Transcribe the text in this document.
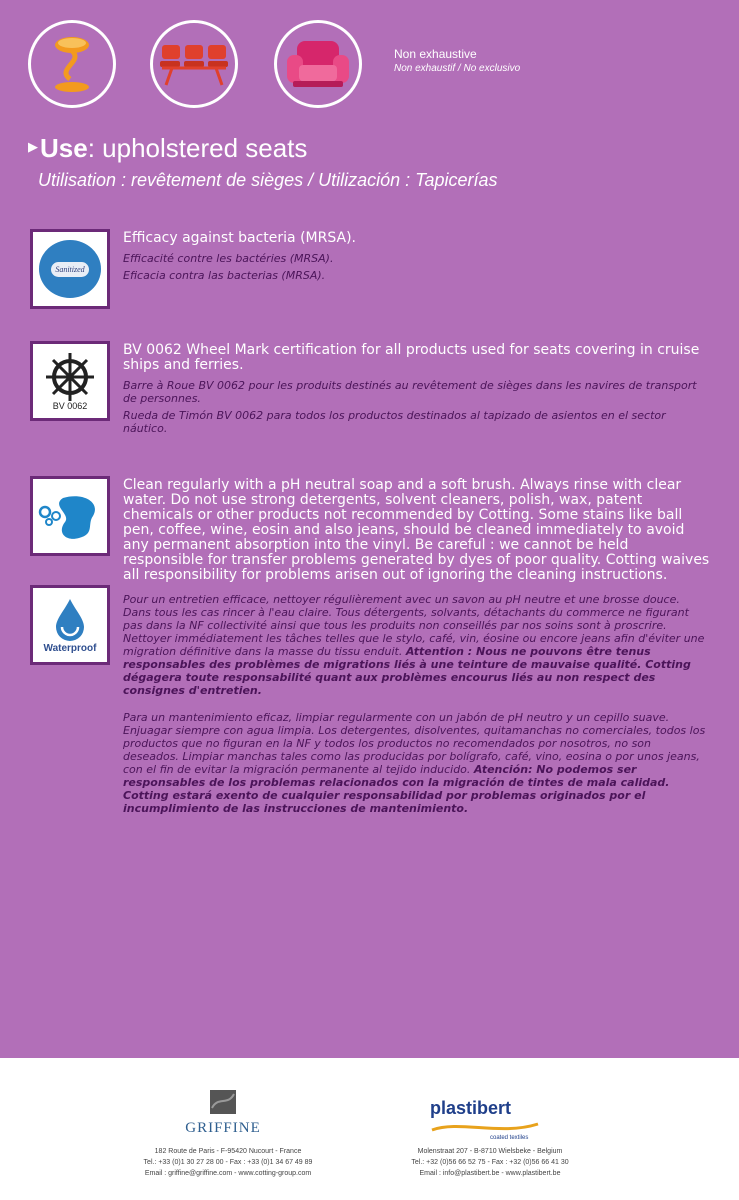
Non exhaustive
Non exhaustif / No exclusivo
▶Use: upholstered seats
Utilisation : revêtement de sièges / Utilización : Tapicerías
Sanitized
Efficacy against bacteria (MRSA).

Efficacité contre les bactéries (MRSA).

Eficacia contra las bacterias (MRSA).

BV 0062
BV 0062 Wheel Mark certification for all products used for seats covering in cruise ships and ferries.

Barre à Roue BV 0062 pour les produits destinés au revêtement de sièges dans les navires de transport de personnes.

Rueda de Timón BV 0062 para todos los productos destinados al tapizado de asientos en el sector náutico.

Waterproof
Clean regularly with a pH neutral soap and a soft brush. Always rinse with clear water. Do not use strong detergents, solvent cleaners, polish, wax, patent chemicals or other products not recommended by Cotting. Some stains like ball pen, coffee, wine, eosin and also jeans, should be cleaned immediately to avoid any permanent absorption into the vinyl. Be careful : we cannot be held responsible for transfer problems generated by dyes of poor quality. Cotting waives all responsibility for problems arisen out of ignoring the cleaning instructions.
Pour un entretien efficace, nettoyer régulièrement avec un savon au pH neutre et une brosse douce. Dans tous les cas rincer à l'eau claire. Tous détergents, solvants, détachants du commerce ne figurant pas dans la NF collectivité ainsi que tous les produits non conseillés par nos soins sont à proscrire. Nettoyer immédiatement les tâches telles que le stylo, café, vin, éosine ou encore jeans afin d'éviter une migration définitive dans la masse du tissu enduit. Attention : Nous ne pouvons être tenus responsables des problèmes de migrations liés à une teinture de mauvaise qualité. Cotting dégagera toute responsabilité quant aux problèmes encourus liés au non respect des consignes d'entretien.
Para un mantenimiento eficaz, limpiar regularmente con un jabón de pH neutro y un cepillo suave. Enjuagar siempre con agua limpia. Los detergentes, disolventes, quitamanchas no comerciales, todos los productos que no figuran en la NF y todos los productos no recomendados por nosotros, no son deseados. Limpiar manchas tales como las producidas por bolígrafo, café, vino, eosina o por unos jeans, con el fin de evitar la migración permanente al tejido inducido. Atención: No podemos ser responsables de los problemas relacionados con la migración de tintes de mala calidad. Cotting estará exento de cualquier responsabilidad por problemas originados por el incumplimiento de las instrucciones de mantenimiento.
GRIFFINE
182 Route de Paris - F-95420 Nucourt - France
Tel.: +33 (0)1 30 27 28 00 - Fax : +33 (0)1 34 67 49 89
Email : griffine@griffine.com - www.cotting-group.com
plastibert
coated textiles
Molenstraat 207 - B-8710 Wielsbeke - Belgium
Tel.: +32 (0)56 66 52 75 - Fax : +32 (0)56 66 41 30
Email : info@plastibert.be - www.plastibert.be
